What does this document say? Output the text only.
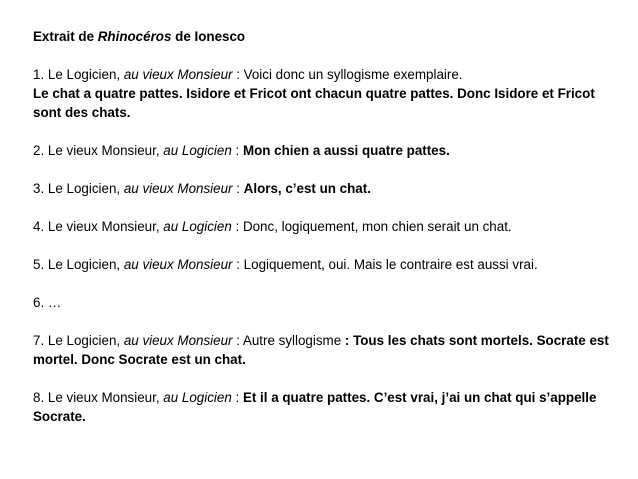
Extrait de Rhinocéros de Ionesco

1. Le Logicien, au vieux Monsieur : Voici donc un syllogisme exemplaire.

Le chat a quatre pattes. Isidore et Fricot ont chacun quatre pattes. Donc Isidore et Fricot sont des chats.

2. Le vieux Monsieur, au Logicien : Mon chien a aussi quatre pattes.

3. Le Logicien, au vieux Monsieur : Alors, c’est un chat.

4. Le vieux Monsieur, au Logicien : Donc, logiquement, mon chien serait un chat.

5. Le Logicien, au vieux Monsieur : Logiquement, oui. Mais le contraire est aussi vrai.

6. …

7. Le Logicien, au vieux Monsieur : Autre syllogisme : Tous les chats sont mortels. Socrate est mortel. Donc Socrate est un chat.

8. Le vieux Monsieur, au Logicien : Et il a quatre pattes. C’est vrai, j’ai un chat qui s’appelle Socrate.
